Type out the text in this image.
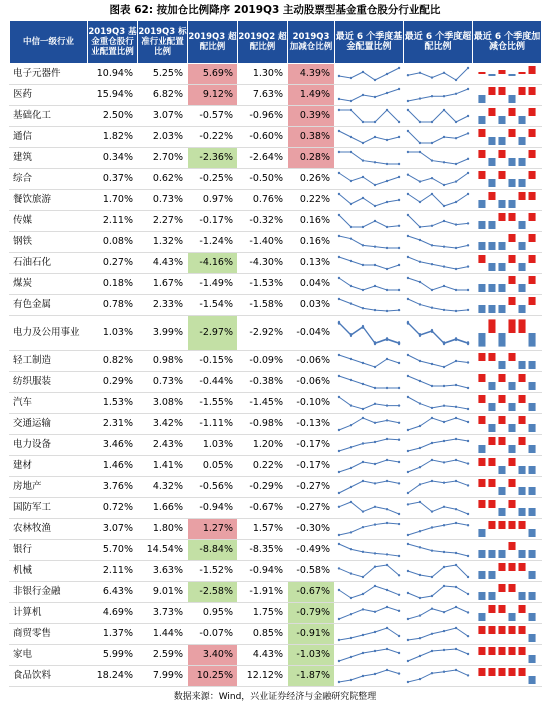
图表 62: 按加仓比例降序 2019Q3 主动股票型基金重仓股分行业配比
中信一级行业	2019Q3 基金重仓股行业配置比例	2019Q3 标准行业配置比例	2019Q3 超配比例	2019Q2 超配比例	2019Q3 加减仓比例	最近 6 个季度基金配置比例	最近 6 个季度超配比例	最近 6 个季度加减仓比例
电子元器件	10.94%	5.25%	5.69%	1.30%	4.39%	

医药	15.94%	6.82%	9.12%	7.63%	1.49%	

基础化工	2.50%	3.07%	-0.57%	-0.96%	0.39%	

通信	1.82%	2.03%	-0.22%	-0.60%	0.38%	

建筑	0.34%	2.70%	-2.36%	-2.64%	0.28%	

综合	0.37%	0.62%	-0.25%	-0.50%	0.26%	

餐饮旅游	1.70%	0.73%	0.97%	0.76%	0.22%	

传媒	2.11%	2.27%	-0.17%	-0.32%	0.16%	

钢铁	0.08%	1.32%	-1.24%	-1.40%	0.16%	

石油石化	0.27%	4.43%	-4.16%	-4.30%	0.13%	

煤炭	0.18%	1.67%	-1.49%	-1.53%	0.04%	

有色金属	0.78%	2.33%	-1.54%	-1.58%	0.03%	

电力及公用事业	1.03%	3.99%	-2.97%	-2.92%	-0.04%	

轻工制造	0.82%	0.98%	-0.15%	-0.09%	-0.06%	

纺织服装	0.29%	0.73%	-0.44%	-0.38%	-0.06%	

汽车	1.53%	3.08%	-1.55%	-1.45%	-0.10%	

交通运输	2.31%	3.42%	-1.11%	-0.98%	-0.13%	

电力设备	3.46%	2.43%	1.03%	1.20%	-0.17%	

建材	1.46%	1.41%	0.05%	0.22%	-0.17%	

房地产	3.76%	4.32%	-0.56%	-0.29%	-0.27%	

国防军工	0.72%	1.66%	-0.94%	-0.67%	-0.27%	

农林牧渔	3.07%	1.80%	1.27%	1.57%	-0.30%	

银行	5.70%	14.54%	-8.84%	-8.35%	-0.49%	

机械	2.11%	3.63%	-1.52%	-0.94%	-0.58%	

非银行金融	6.43%	9.01%	-2.58%	-1.91%	-0.67%	

计算机	4.69%	3.73%	0.95%	1.75%	-0.79%	

商贸零售	1.37%	1.44%	-0.07%	0.85%	-0.91%	

家电	5.99%	2.59%	3.40%	4.43%	-1.03%	

食品饮料	18.24%	7.99%	10.25%	12.12%	-1.87%	

数据来源：Wind，兴业证券经济与金融研究院整理
